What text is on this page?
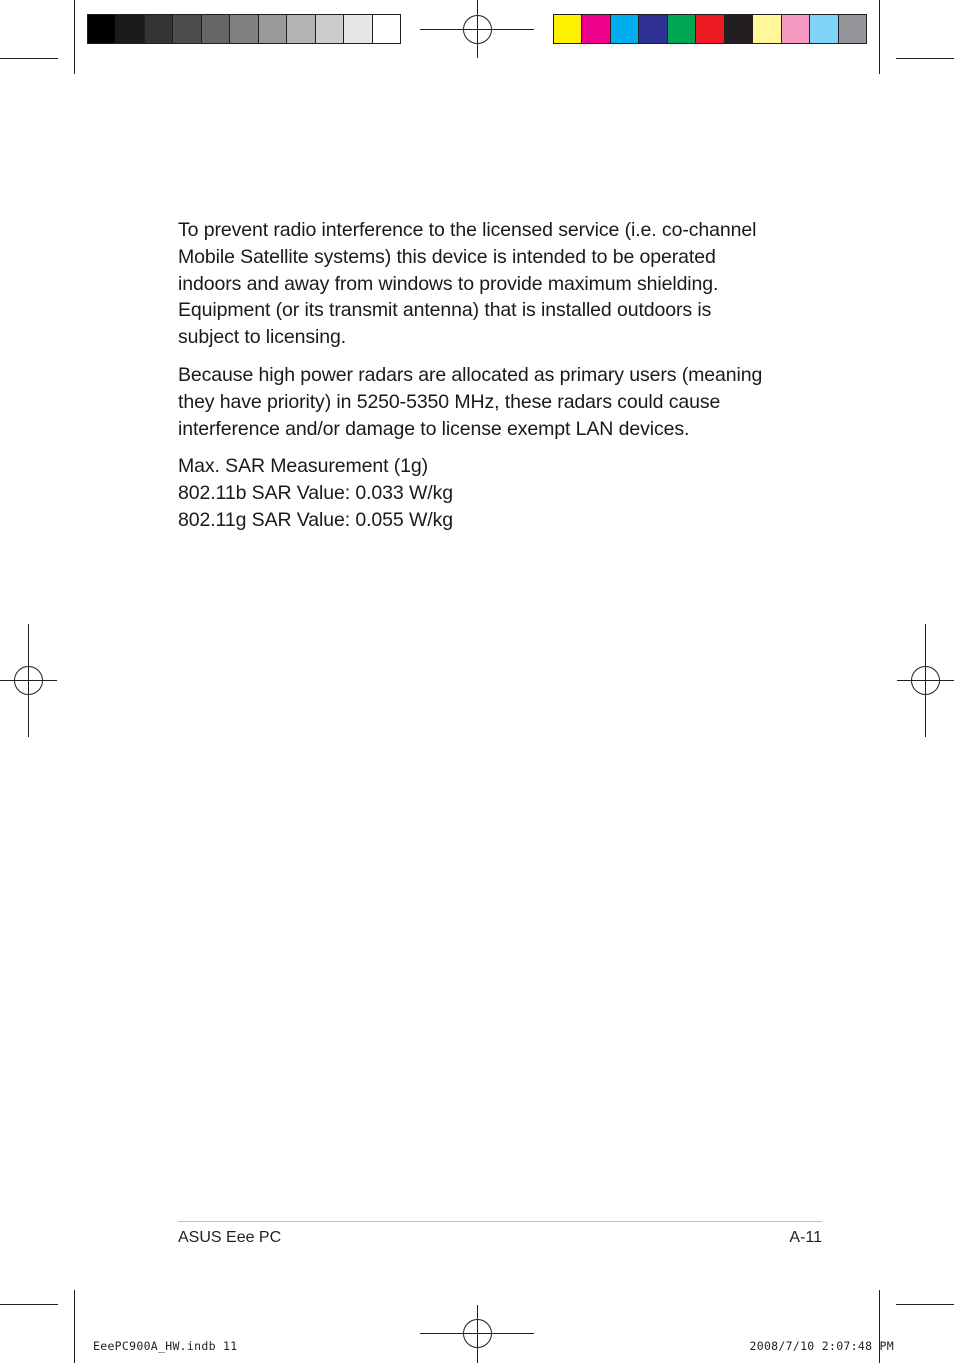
To prevent radio interference to the licensed service (i.e. co-channel
Mobile Satellite systems) this device is intended to be operated
indoors and away from windows to provide maximum shielding.
Equipment (or its transmit antenna) that is installed outdoors is
subject to licensing.

Because high power radars are allocated as primary users (meaning
they have priority) in 5250-5350 MHz, these radars could cause
interference and/or damage to license exempt LAN devices.

Max. SAR Measurement (1g)
802.11b SAR Value: 0.033 W/kg
802.11g SAR Value: 0.055 W/kg

ASUS Eee PC	A-11
EeePC900A_HW.indb 11	2008/7/10 2:07:48 PM
